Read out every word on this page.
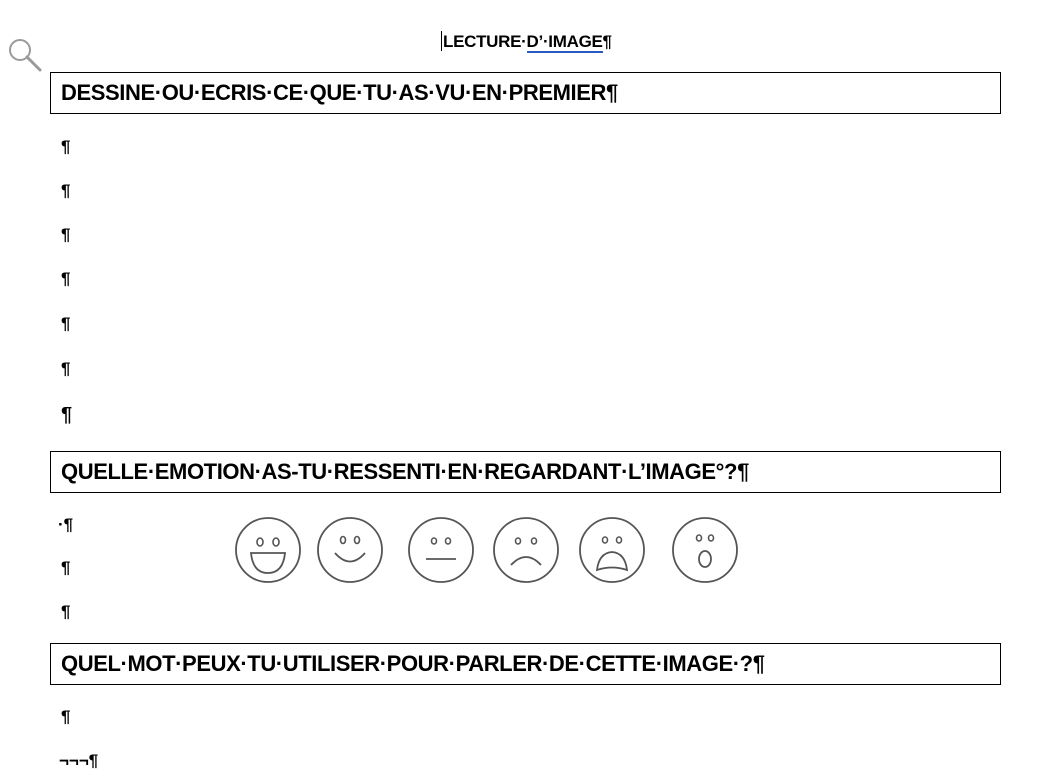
LECTURE·D’·IMAGE¶
DESSINE·OU·ECRIS·CE·QUE·TU·AS·VU·EN·PREMIER¶
¶
¶
¶
¶
¶
¶
¶
QUELLE·EMOTION·AS-TU·RESSENTI·EN·REGARDANT·L’IMAGE°?¶
·¶
¶
¶
QUEL·MOT·PEUX·TU·UTILISER·POUR·PARLER·DE·CETTE·IMAGE·?¶
¶
¬¬¬¶
